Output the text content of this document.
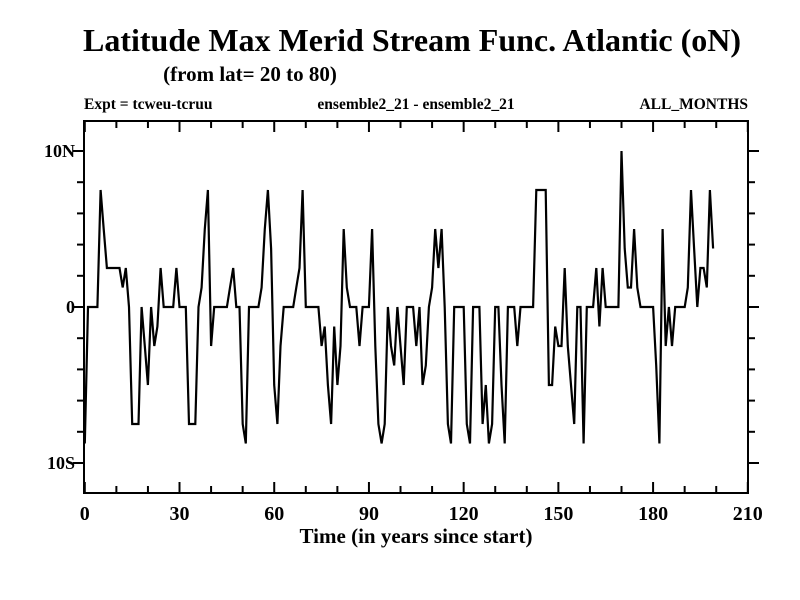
Latitude Max Merid Stream Func. Atlantic (oN)
(from lat= 20 to 80)
Expt = tcweu-tcruu	ensemble2_21 - ensemble2_21	ALL_MONTHS
Time (in years since start)
0	30	60	90	120	150	180	210
10N
0
10S
